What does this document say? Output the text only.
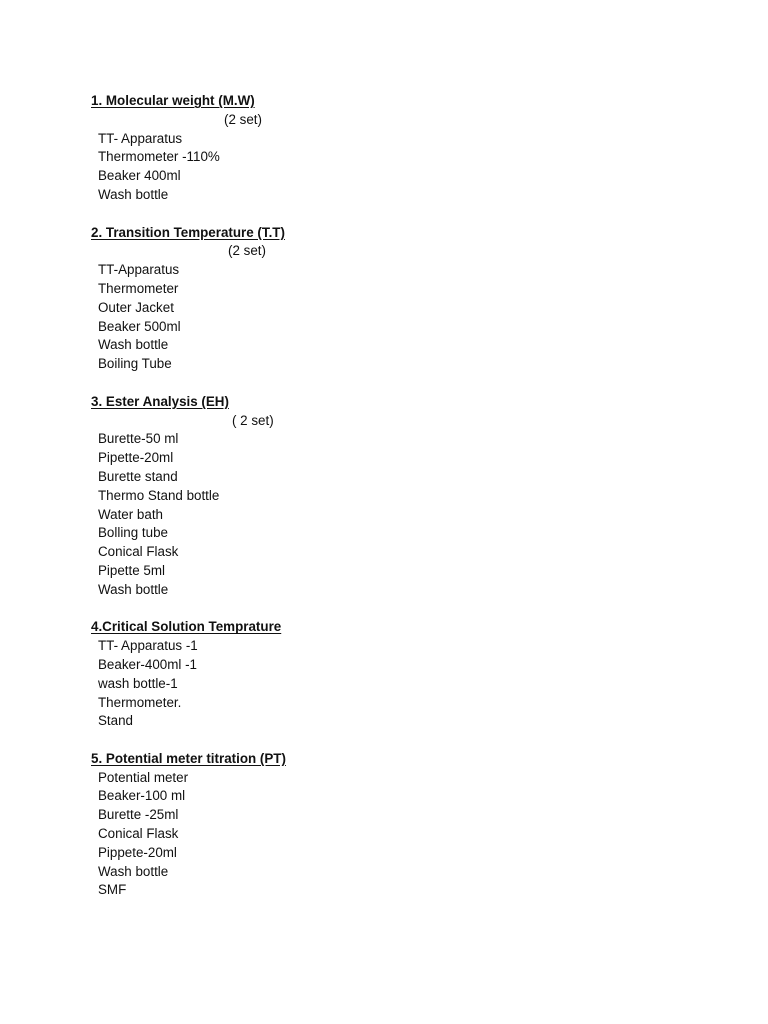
1. Molecular weight (M.W)
(2 set)
TT- Apparatus
Thermometer -110%
Beaker 400ml
Wash bottle
2. Transition Temperature (T.T)
(2 set)
TT-Apparatus
Thermometer
Outer Jacket
Beaker 500ml
Wash bottle
Boiling Tube
3. Ester Analysis (EH)
( 2 set)
Burette-50 ml
Pipette-20ml
Burette stand
Thermo Stand bottle
Water bath
Bolling tube
Conical Flask
Pipette 5ml
Wash bottle
4.Critical Solution Temprature
TT- Apparatus -1
Beaker-400ml -1
wash bottle-1
Thermometer.
Stand
5. Potential meter titration (PT)
Potential meter
Beaker-100 ml
Burette -25ml
Conical Flask
Pippete-20ml
Wash bottle
SMF
